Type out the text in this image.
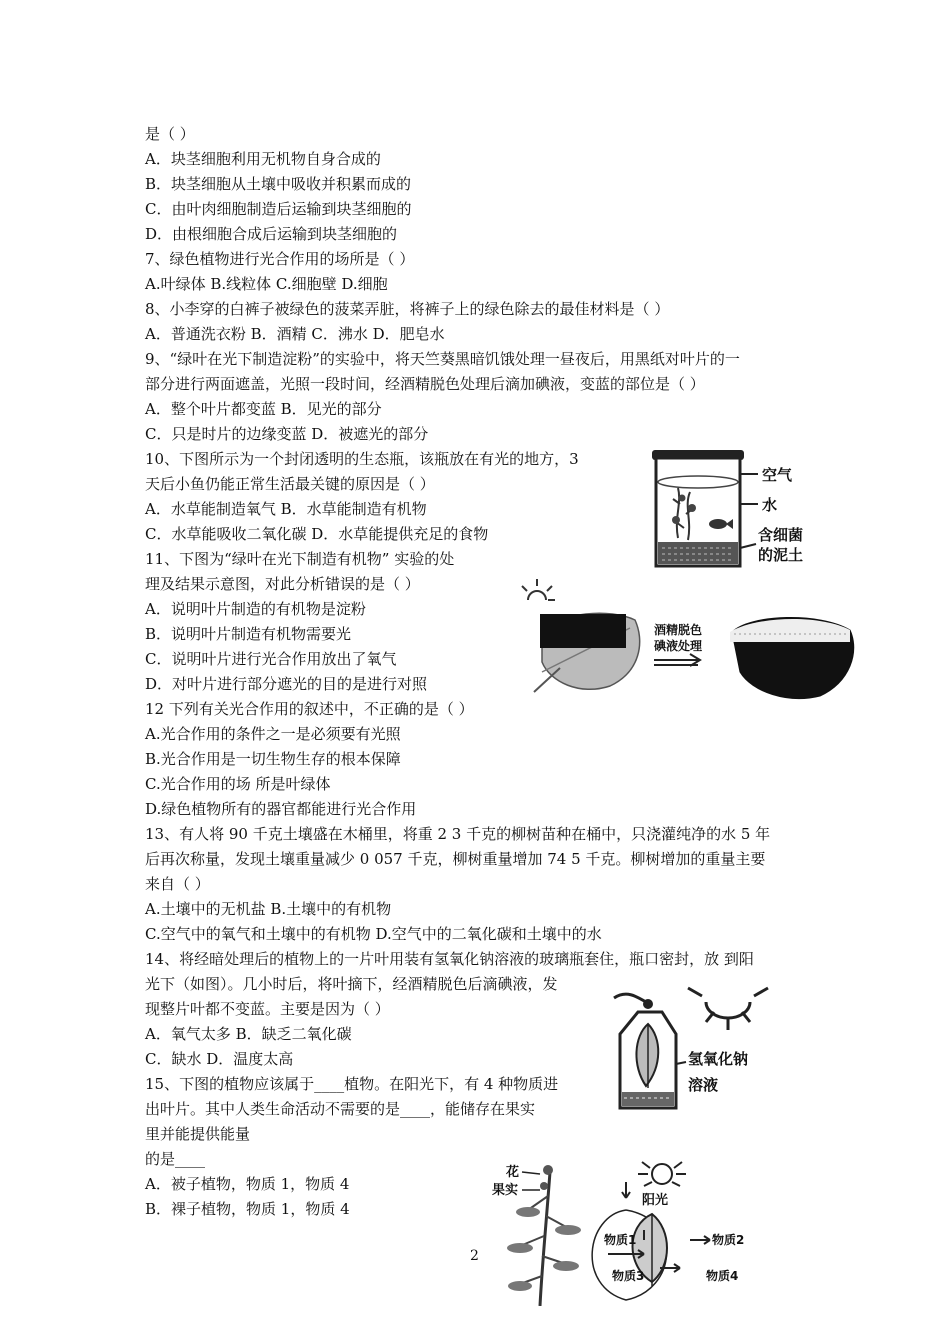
是（ ）
A．块茎细胞利用无机物自身合成的
B．块茎细胞从土壤中吸收并积累而成的
C．由叶肉细胞制造后运输到块茎细胞的
D．由根细胞合成后运输到块茎细胞的
7、绿色植物进行光合作用的场所是（ ）
A.叶绿体 B.线粒体 C.细胞壁 D.细胞
8、小李穿的白裤子被绿色的菠菜弄脏，将裤子上的绿色除去的最佳材料是（ ）
A．普通洗衣粉 B．酒精 C．沸水 D．肥皂水
9、“绿叶在光下制造淀粉”的实验中，将天竺葵黑暗饥饿处理一昼夜后，用黑纸对叶片的一
部分进行两面遮盖，光照一段时间，经酒精脱色处理后滴加碘液，变蓝的部位是（ ）
A．整个叶片都变蓝 B．见光的部分
C．只是时片的边缘变蓝 D．被遮光的部分
10、下图所示为一个封闭透明的生态瓶，该瓶放在有光的地方，3
天后小鱼仍能正常生活最关键的原因是（ ）
A．水草能制造氧气 B．水草能制造有机物
C．水草能吸收二氧化碳 D．水草能提供充足的食物
11、下图为“绿叶在光下制造有机物” 实验的处
理及结果示意图，对此分析错误的是（ ）
A．说明叶片制造的有机物是淀粉
B．说明叶片制造有机物需要光
C．说明叶片进行光合作用放出了氧气
D．对叶片进行部分遮光的目的是进行对照
12 下列有关光合作用的叙述中，不正确的是（ ）
A.光合作用的条件之一是必须要有光照
B.光合作用是一切生物生存的根本保障
C.光合作用的场 所是叶绿体
D.绿色植物所有的器官都能进行光合作用
13、有人将 90 千克土壤盛在木桶里，将重 2 3 千克的柳树苗种在桶中，只浇灌纯净的水 5 年
后再次称量，发现土壤重量减少 0 057 千克，柳树重量增加 74 5 千克。柳树增加的重量主要
来自（ ）
A.土壤中的无机盐 B.土壤中的有机物
C.空气中的氧气和土壤中的有机物 D.空气中的二氧化碳和土壤中的水
14、将经暗处理后的植物上的一片叶用装有氢氧化钠溶液的玻璃瓶套住，瓶口密封，放 到阳
光下（如图）。几小时后，将叶摘下，经酒精脱色后滴碘液，发
现整片叶都不变蓝。主要是因为（ ）
A．氧气太多 B．缺乏二氧化碳
C．缺水 D．温度太高
15、下图的植物应该属于____植物。在阳光下，有 4 种物质进
出叶片。其中人类生命活动不需要的是____，能储存在果实
里并能提供能量
的是____
A．被子植物，物质 1，物质 4
B．裸子植物，物质 1，物质 4
空气
水
含细菌
的泥土
酒精脱色
碘液处理
氢氧化钠
溶液
花
果实
阳光
物质1	物质2
物质3	物质4
2
